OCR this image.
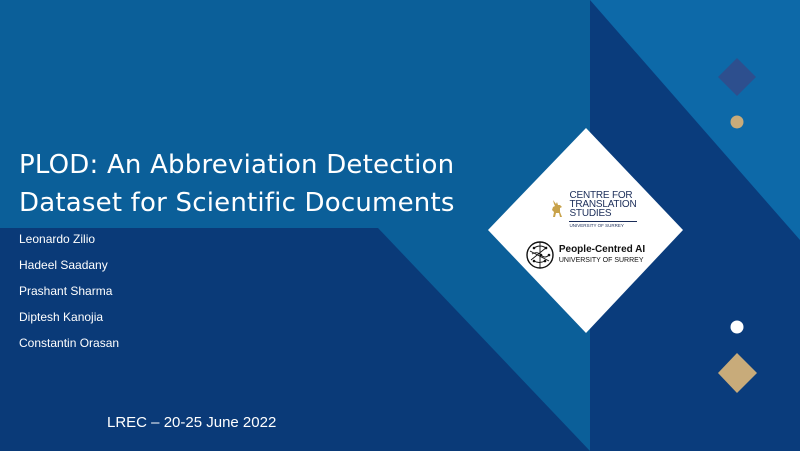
PLOD: An Abbreviation Detection
Dataset for Scientific Documents
Leonardo Zilio
Hadeel Saadany
Prashant Sharma
Diptesh Kanojia
Constantin Orasan
LREC – 20-25 June 2022
CENTRE FOR
TRANSLATION
STUDIES
UNIVERSITY OF SURREY
People-Centred AI
UNIVERSITY OF SURREY
